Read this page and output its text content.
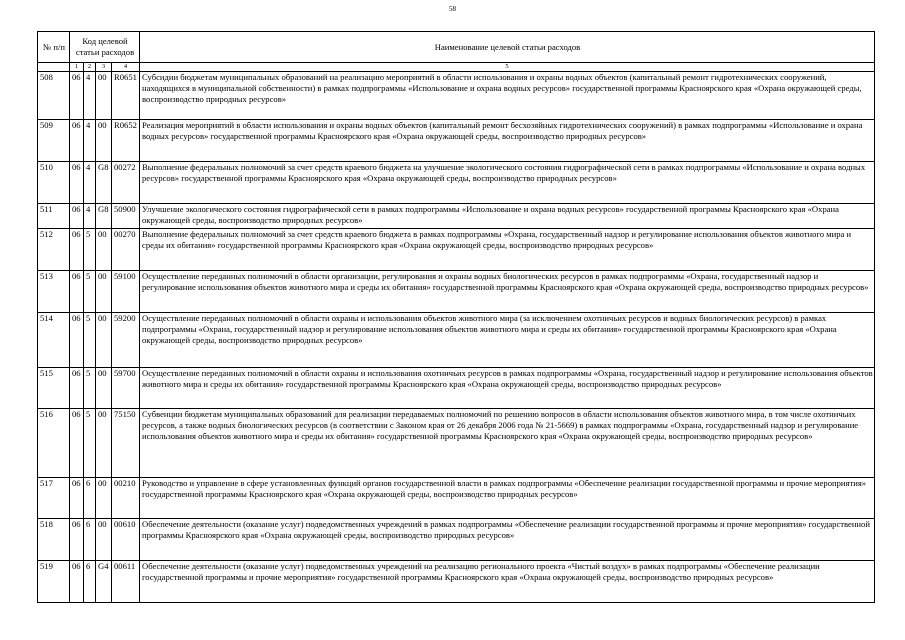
58
№ п/п	Код целевой статьи расходов				Наименование целевой статьи расходов

	1	2	3	4	5
508	06	4	00	R0651	Субсидии бюджетам муниципальных образований на реализацию мероприятий в области использования и охраны водных объектов (капитальный ремонт гидротехнических сооружений, находящихся в муниципальной собственности) в рамках подпрограммы «Использование и охрана водных ресурсов» государственной программы Красноярского края «Охрана окружающей среды, воспроизводство природных ресурсов»
509	06	4	00	R0652	Реализация мероприятий в области использования и охраны водных объектов (капитальный ремонт бесхозяйных гидротехнических сооружений) в рамках подпрограммы «Использование и охрана водных ресурсов» государственной программы Красноярского края «Охрана окружающей среды, воспроизводство природных ресурсов»
510	06	4	G8	00272	Выполнение федеральных полномочий за счет средств краевого бюджета на улучшение экологического состояния гидрографической сети в рамках подпрограммы «Использование и охрана водных ресурсов» государственной программы Красноярского края «Охрана окружающей среды, воспроизводство природных ресурсов»
511	06	4	G8	50900	Улучшение экологического состояния гидрографической сети в рамках подпрограммы «Использование и охрана водных ресурсов» государственной программы Красноярского края «Охрана окружающей среды, воспроизводство природных ресурсов»
512	06	5	00	00270	Выполнение федеральных полномочий за счет средств краевого бюджета в рамках подпрограммы «Охрана, государственный надзор и регулирование использования объектов животного мира и среды их обитания» государственной программы Красноярского края «Охрана окружающей среды, воспроизводство природных ресурсов»
513	06	5	00	59100	Осуществление переданных полномочий в области организации, регулирования и охраны водных биологических ресурсов в рамках подпрограммы «Охрана, государственный надзор и регулирование использования объектов животного мира и среды их обитания» государственной программы Красноярского края «Охрана окружающей среды, воспроизводство природных ресурсов»
514	06	5	00	59200	Осуществление переданных полномочий в области охраны и использования объектов животного мира (за исключением охотничьих ресурсов и водных биологических ресурсов) в рамках подпрограммы «Охрана, государственный надзор и регулирование использования объектов животного мира и среды их обитания» государственной программы Красноярского края «Охрана окружающей среды, воспроизводство природных ресурсов»
515	06	5	00	59700	Осуществление переданных полномочий в области охраны и использования охотничьих ресурсов в рамках подпрограммы «Охрана, государственный надзор и регулирование использования объектов животного мира и среды их обитания» государственной программы Красноярского края «Охрана окружающей среды, воспроизводство природных ресурсов»
516	06	5	00	75150	Субвенции бюджетам муниципальных образований для реализации передаваемых полномочий по решению вопросов в области использования объектов животного мира, в том числе охотничьих ресурсов, а также водных биологических ресурсов (в соответствии с Законом края от 26 декабря 2006 года № 21-5669) в рамках подпрограммы «Охрана, государственный надзор и регулирование использования объектов животного мира и среды их обитания» государственной программы Красноярского края «Охрана окружающей среды, воспроизводство природных ресурсов»
517	06	6	00	00210	Руководство и управление в сфере установленных функций органов государственной власти в рамках подпрограммы «Обеспечение реализации государственной программы и прочие мероприятия» государственной программы Красноярского края «Охрана окружающей среды, воспроизводство природных ресурсов»
518	06	6	00	00610	Обеспечение деятельности (оказание услуг) подведомственных учреждений в рамках подпрограммы «Обеспечение реализации государственной программы и прочие мероприятия» государственной программы Красноярского края «Охрана окружающей среды, воспроизводство природных ресурсов»
519	06	6	G4	00611	Обеспечение деятельности (оказание услуг) подведомственных учреждений на реализацию регионального проекта «Чистый воздух» в рамках подпрограммы «Обеспечение реализации государственной программы и прочие мероприятия» государственной программы Красноярского края «Охрана окружающей среды, воспроизводство природных ресурсов»
